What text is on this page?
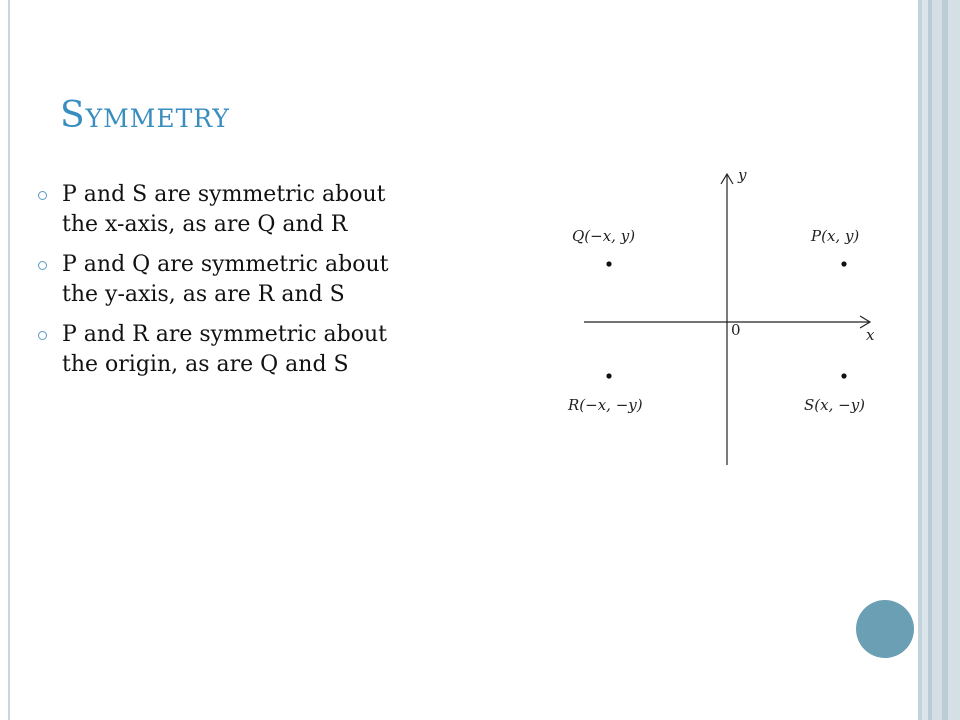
Symmetry
P and S are symmetric about
the x-axis, as are Q and R
P and Q are symmetric about
the y-axis, as are R and S
P and R are symmetric about
the origin, as are Q and S
y
x
0
Q(−x, y)	P(x, y)
R(−x, −y)	S(x, −y)
